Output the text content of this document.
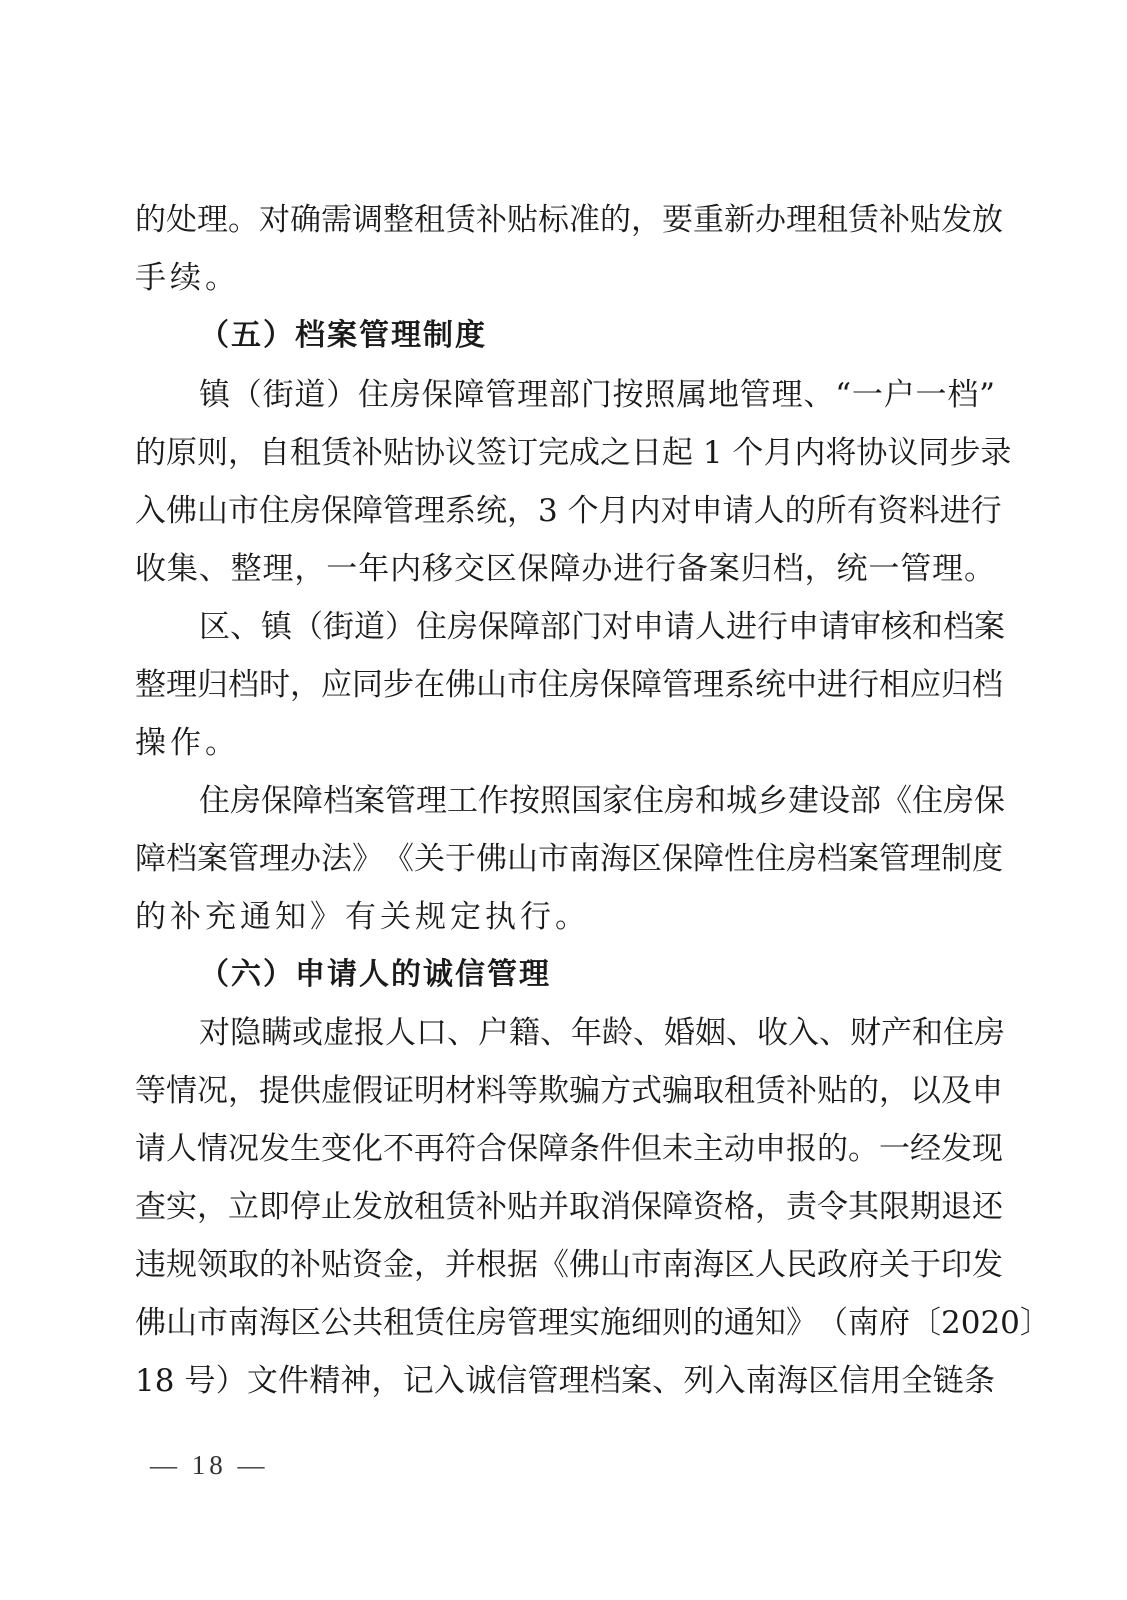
的​处​理​。​对​确​需​调​整​租​赁​补​贴​标​准​的​，​要​重​新​办​理​租​赁​补​贴​发​放
手续。
（五）档案管理制度
镇​（​街​道​）​住​房​保​障​管​理​部​门​按​照​属​地​管​理​、​“​一​户​一​档​”
的​原​则​，​自​租​赁​补​贴​协​议​签​订​完​成​之​日​起​ ​1​ ​个​月​内​将​协​议​同​步​录
入​佛​山​市​住​房​保​障​管​理​系​统​，​3​ ​个​月​内​对​申​请​人​的​所​有​资​料​进​行
收​集​、​整​理​，​一​年​内​移​交​区​保​障​办​进​行​备​案​归​档​，​统​一​管​理​。
区​、​镇​（​街​道​）​住​房​保​障​部​门​对​申​请​人​进​行​申​请​审​核​和​档​案
整​理​归​档​时​，​应​同​步​在​佛​山​市​住​房​保​障​管​理​系​统​中​进​行​相​应​归​档
操作。
住​房​保​障​档​案​管​理​工​作​按​照​国​家​住​房​和​城​乡​建​设​部​《​住​房​保
障​档​案​管​理​办​法​》​《​关​于​佛​山​市​南​海​区​保​障​性​住​房​档​案​管​理​制​度
的补充通知》有关规定执行。
（六）申请人的诚信管理
对​隐​瞒​或​虚​报​人​口​、​户​籍​、​年​龄​、​婚​姻​、​收​入​、​财​产​和​住​房
等​情​况​，​提​供​虚​假​证​明​材​料​等​欺​骗​方​式​骗​取​租​赁​补​贴​的​，​以​及​申
请​人​情​况​发​生​变​化​不​再​符​合​保​障​条​件​但​未​主​动​申​报​的​。​一​经​发​现
查​实​，​立​即​停​止​发​放​租​赁​补​贴​并​取​消​保​障​资​格​，​责​令​其​限​期​退​还
违​规​领​取​的​补​贴​资​金​，​并​根​据​《​佛​山​市​南​海​区​人​民​政​府​关​于​印​发
佛​山​市​南​海​区​公​共​租​赁​住​房​管​理​实​施​细​则​的​通​知​》​（​南​府​〔​2​0​2​0​〕
1​8​ ​号​）​文​件​精​神​，​记​入​诚​信​管​理​档​案​、​列​入​南​海​区​信​用​全​链​条
— 18 —
